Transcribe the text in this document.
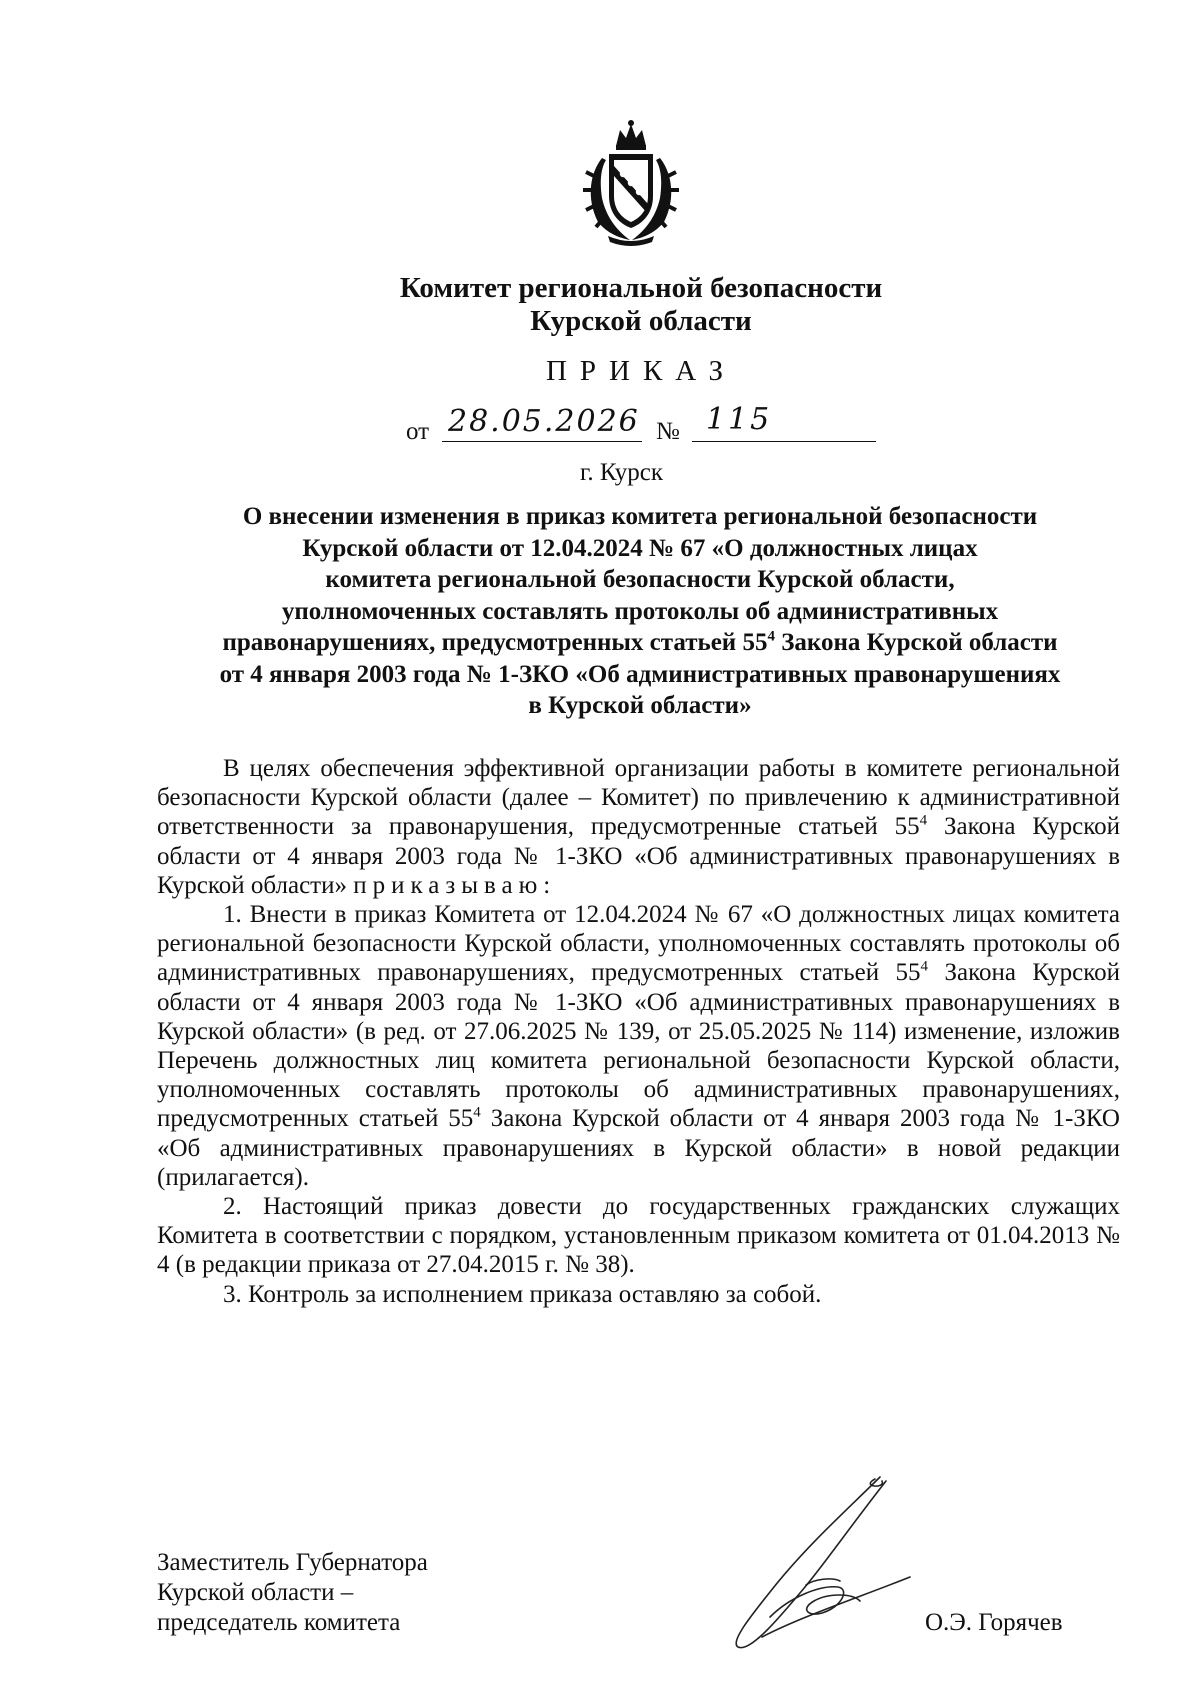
Комитет региональной безопасности
Курской области
ПРИКАЗ
от 28.05.2026 № 115
г. Курск
О внесении изменения в приказ комитета региональной безопасности
Курской области от 12.04.2024 № 67 «О должностных лицах
комитета региональной безопасности Курской области,
уполномоченных составлять протоколы об административных
правонарушениях, предусмотренных статьей $55^4$ Закона Курской области
от 4 января 2003 года № 1-ЗКО «Об административных правонарушениях
в Курской области»

В целях обеспечения эффективной организации работы в комитете региональной безопасности Курской области (далее – Комитет) по привлечению к административной ответственности за правонарушения, предусмотренные статьей $55^4$ Закона Курской области от 4 января 2003 года № 1-ЗКО «Об административных правонарушениях в Курской области» приказываю:

1. Внести в приказ Комитета от 12.04.2024 № 67 «О должностных лицах комитета региональной безопасности Курской области, уполномоченных составлять протоколы об административных правонарушениях, предусмотренных статьей $55^4$ Закона Курской области от 4 января 2003 года № 1-ЗКО «Об административных правонарушениях в Курской области» (в ред. от 27.06.2025 № 139, от 25.05.2025 № 114) изменение, изложив Перечень должностных лиц комитета региональной безопасности Курской области, уполномоченных составлять протоколы об административных правонарушениях, предусмотренных статьей $55^4$ Закона Курской области от 4 января 2003 года № 1-ЗКО «Об административных правонарушениях в Курской области» в новой редакции (прилагается).

2. Настоящий приказ довести до государственных гражданских служащих Комитета в соответствии с порядком, установленным приказом комитета от 01.04.2013 № 4 (в редакции приказа от 27.04.2015 г. № 38).

3. Контроль за исполнением приказа оставляю за собой.

Заместитель Губернатора
Курской области –
председатель комитета	О.Э. Горячев
